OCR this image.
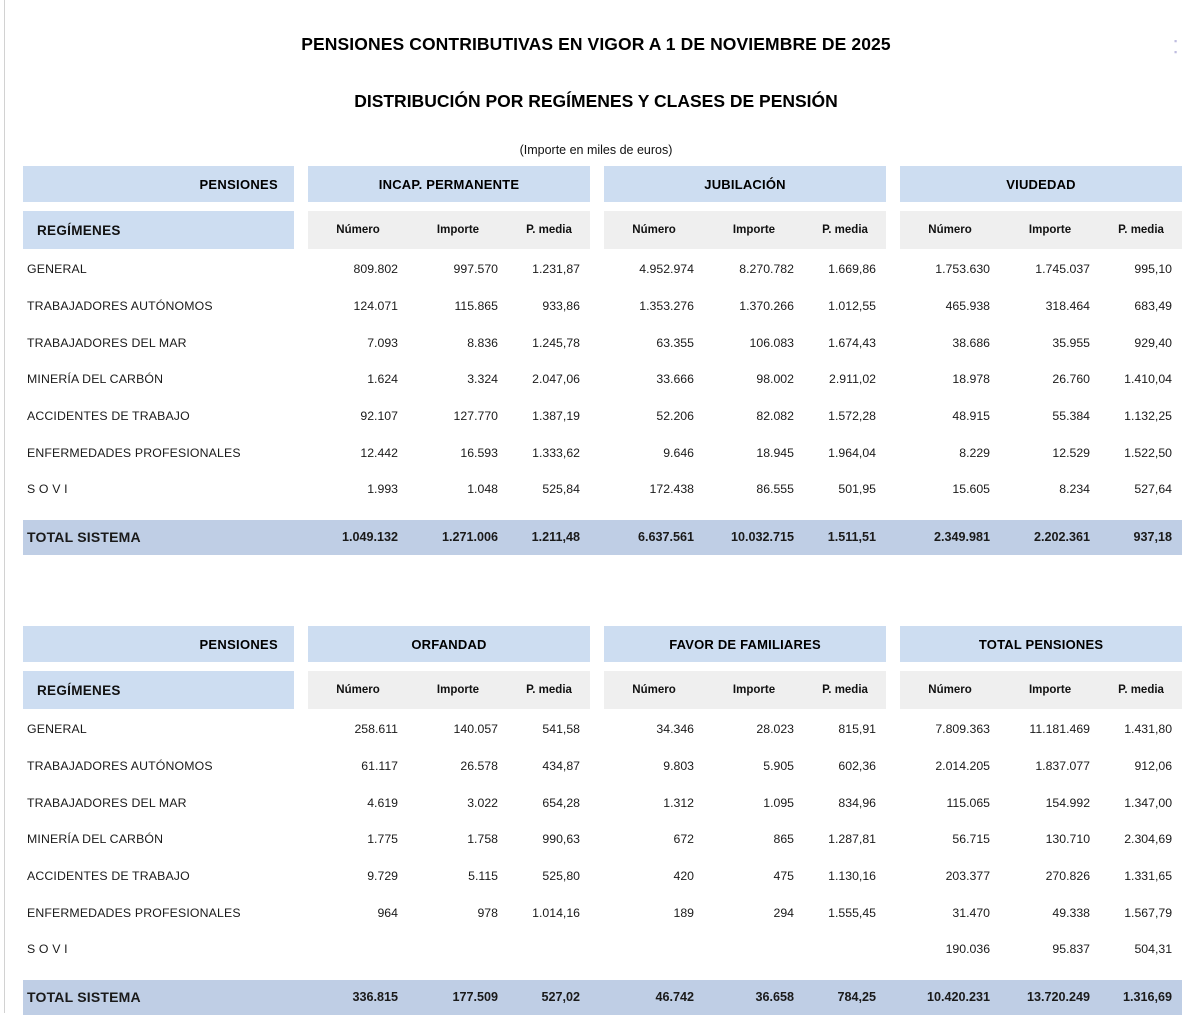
▪
▪
PENSIONES CONTRIBUTIVAS EN VIGOR A 1 DE NOVIEMBRE DE 2025
DISTRIBUCIÓN POR REGÍMENES Y CLASES DE PENSIÓN

(Importe en miles de euros)

PENSIONES		INCAP. PERMANENTE				JUBILACIÓN				VIUDEDAD		

REGÍMENES		Número	Importe	P. media		Número	Importe	P. media		Número	Importe	P. media
GENERAL		809.802	997.570	1.231,87		4.952.974	8.270.782	1.669,86		1.753.630	1.745.037	995,10
TRABAJADORES AUTÓNOMOS		124.071	115.865	933,86		1.353.276	1.370.266	1.012,55		465.938	318.464	683,49
TRABAJADORES DEL MAR		7.093	8.836	1.245,78		63.355	106.083	1.674,43		38.686	35.955	929,40
MINERÍA DEL CARBÓN		1.624	3.324	2.047,06		33.666	98.002	2.911,02		18.978	26.760	1.410,04
ACCIDENTES DE TRABAJO		92.107	127.770	1.387,19		52.206	82.082	1.572,28		48.915	55.384	1.132,25
ENFERMEDADES PROFESIONALES		12.442	16.593	1.333,62		9.646	18.945	1.964,04		8.229	12.529	1.522,50
S O V I		1.993	1.048	525,84		172.438	86.555	501,95		15.605	8.234	527,64

TOTAL SISTEMA		1.049.132	1.271.006	1.211,48		6.637.561	10.032.715	1.511,51		2.349.981	2.202.361	937,18
PENSIONES		ORFANDAD				FAVOR DE FAMILIARES				TOTAL PENSIONES		

REGÍMENES		Número	Importe	P. media		Número	Importe	P. media		Número	Importe	P. media
GENERAL		258.611	140.057	541,58		34.346	28.023	815,91		7.809.363	11.181.469	1.431,80
TRABAJADORES AUTÓNOMOS		61.117	26.578	434,87		9.803	5.905	602,36		2.014.205	1.837.077	912,06
TRABAJADORES DEL MAR		4.619	3.022	654,28		1.312	1.095	834,96		115.065	154.992	1.347,00
MINERÍA DEL CARBÓN		1.775	1.758	990,63		672	865	1.287,81		56.715	130.710	2.304,69
ACCIDENTES DE TRABAJO		9.729	5.115	525,80		420	475	1.130,16		203.377	270.826	1.331,65
ENFERMEDADES PROFESIONALES		964	978	1.014,16		189	294	1.555,45		31.470	49.338	1.567,79
S O V I										190.036	95.837	504,31

TOTAL SISTEMA		336.815	177.509	527,02		46.742	36.658	784,25		10.420.231	13.720.249	1.316,69
